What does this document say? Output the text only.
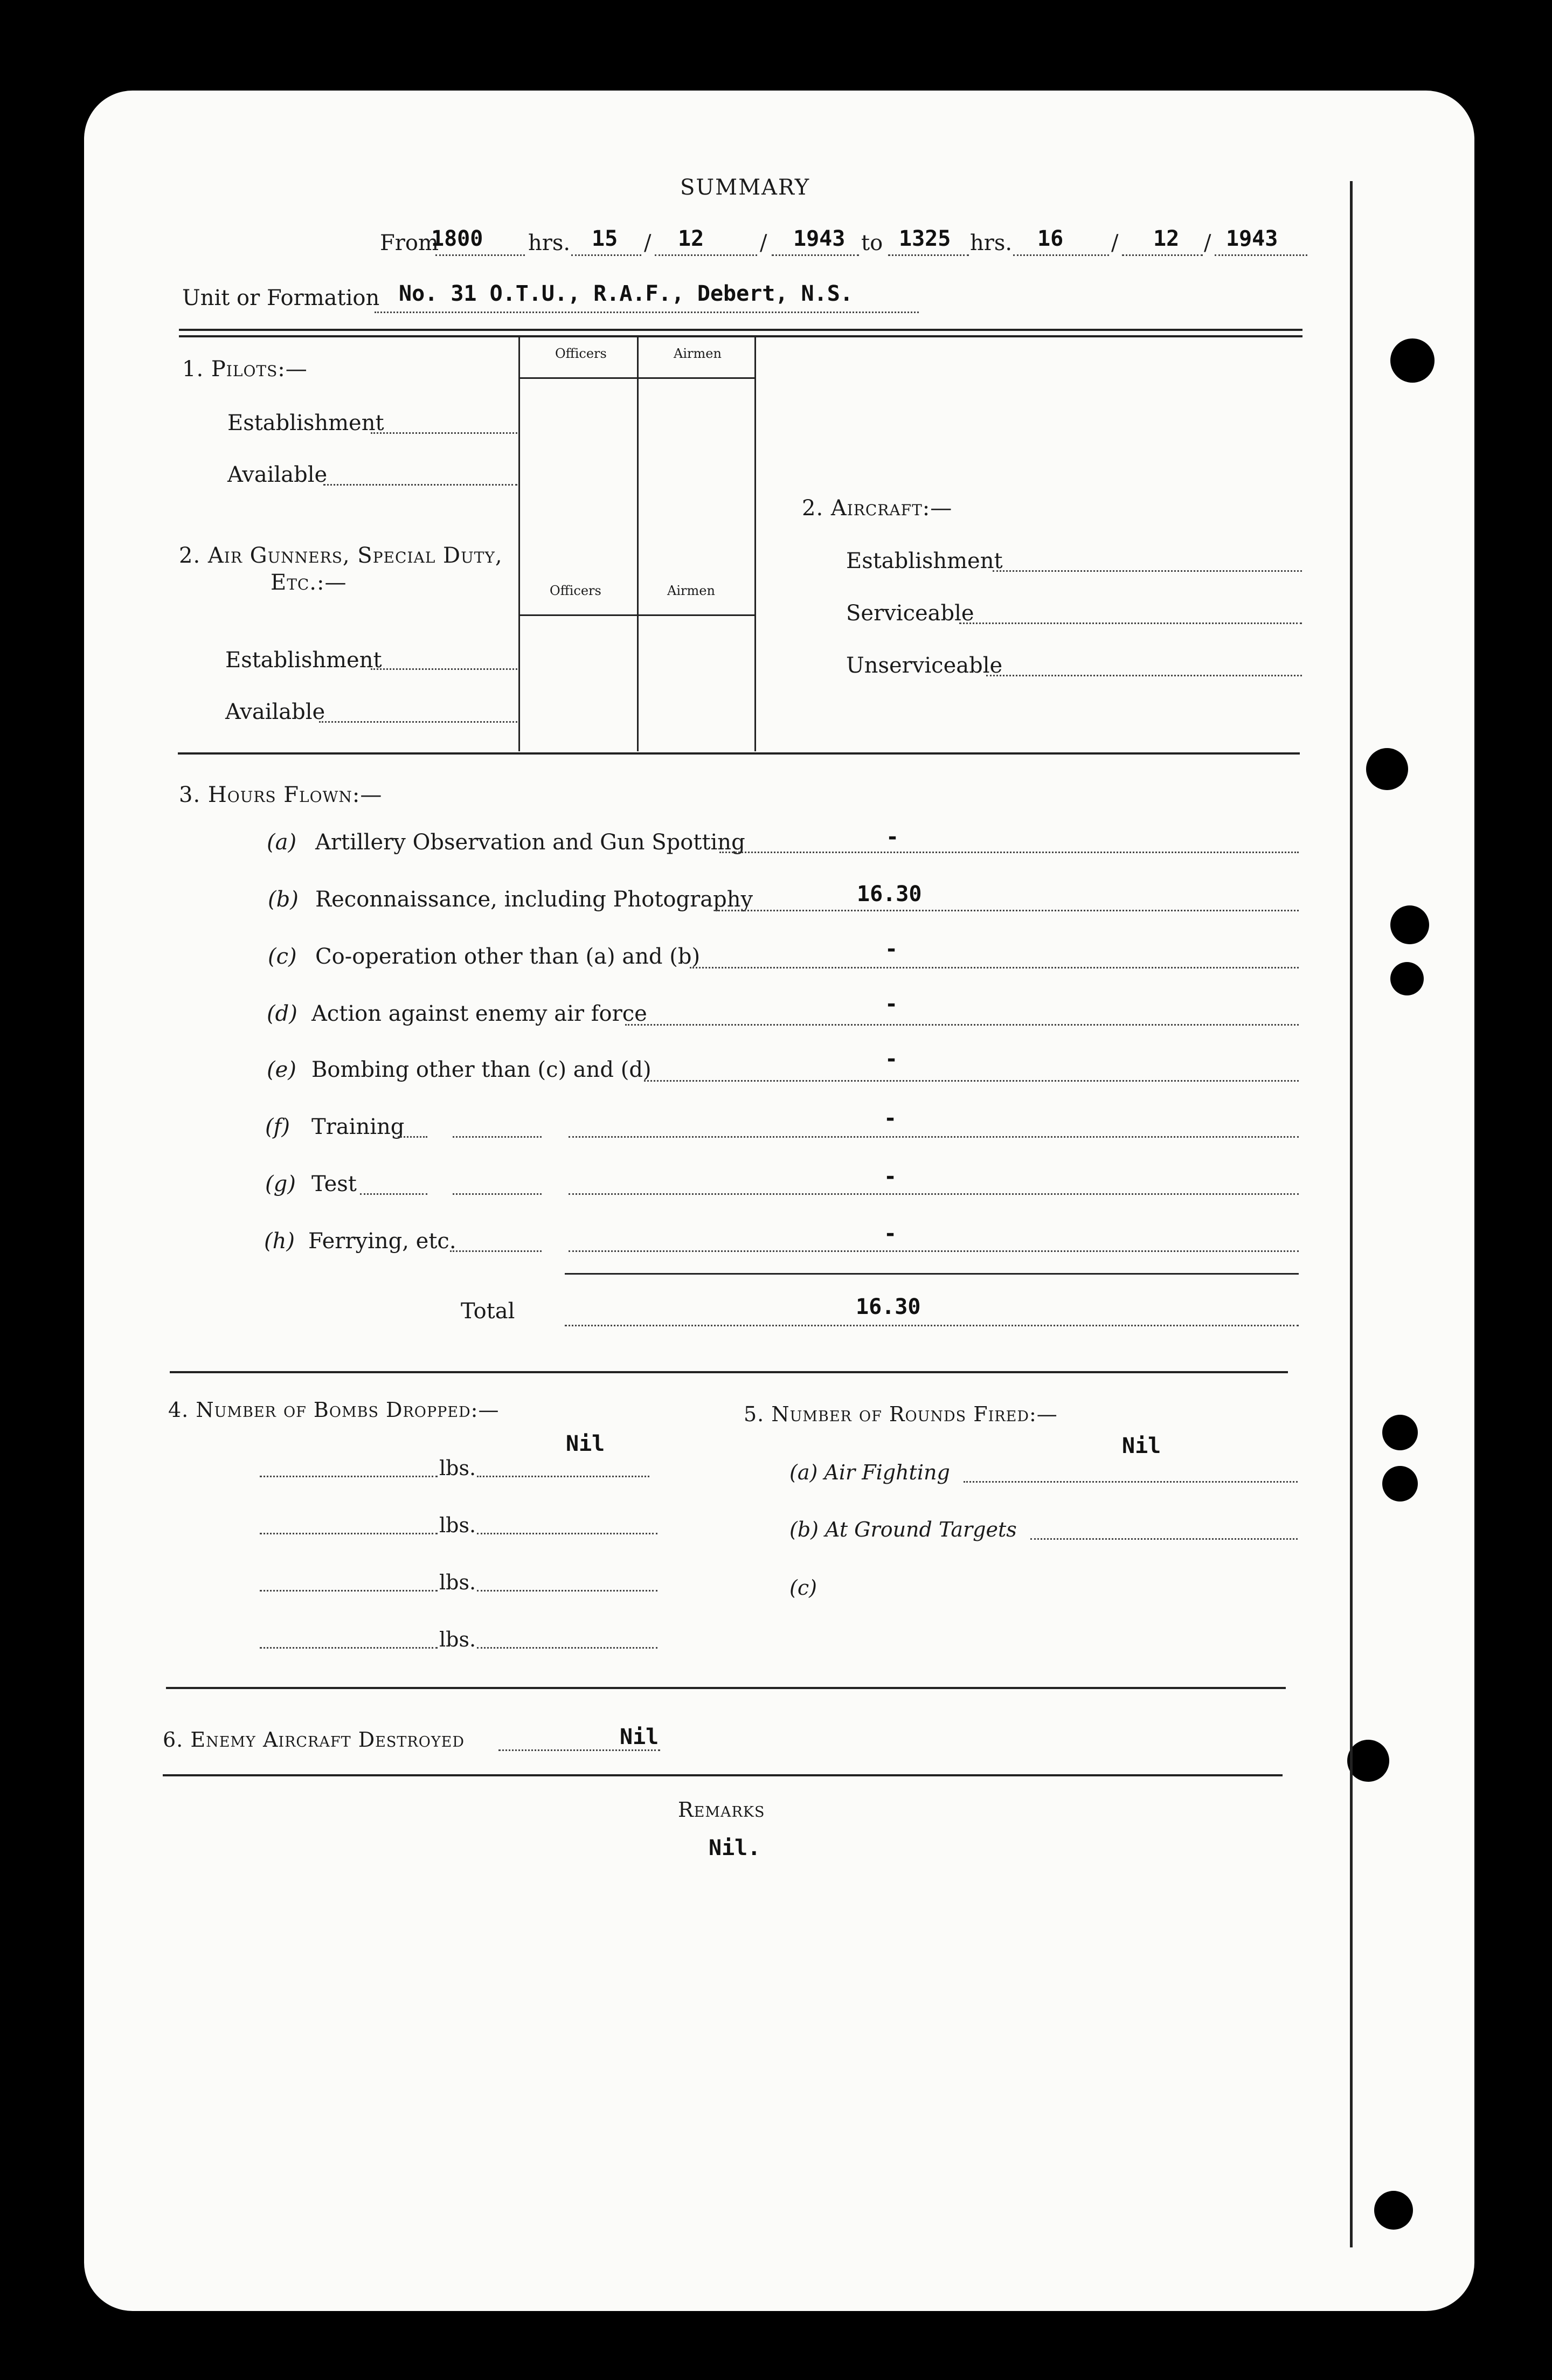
SUMMARY
From
1800 hrs. 15 / 12	/ 1943 to 1325 hrs. 16 / 12 / 1943
Unit or Formation No. 31 O.T.U., R.A.F., Debert, N.S.
Officers	Airmen
Officers	Airmen
1. Pilots:—
Establishment
Available
2. Air Gunners, Special Duty,
Etc.:—
Establishment
Available
2. Aircraft:—
Establishment
Serviceable
Unserviceable
3. Hours Flown:—
(a) Artillery Observation and Gun Spotting	-
(b) Reconnaissance, including Photography	16.30
(c) Co-operation other than (a) and (b)	-
(d) Action against enemy air force	-
(e) Bombing other than (c) and (d)	-
(f) Training	-
(g) Test	-
(h) Ferrying, etc.	-
Total	16.30
4. Number of Bombs Dropped:—
Nil
lbs.
lbs.
lbs.
lbs.
5. Number of Rounds Fired:—
Nil
(a) Air Fighting
(b) At Ground Targets
(c)
6. Enemy Aircraft Destroyed	Nil
Remarks
Nil.
